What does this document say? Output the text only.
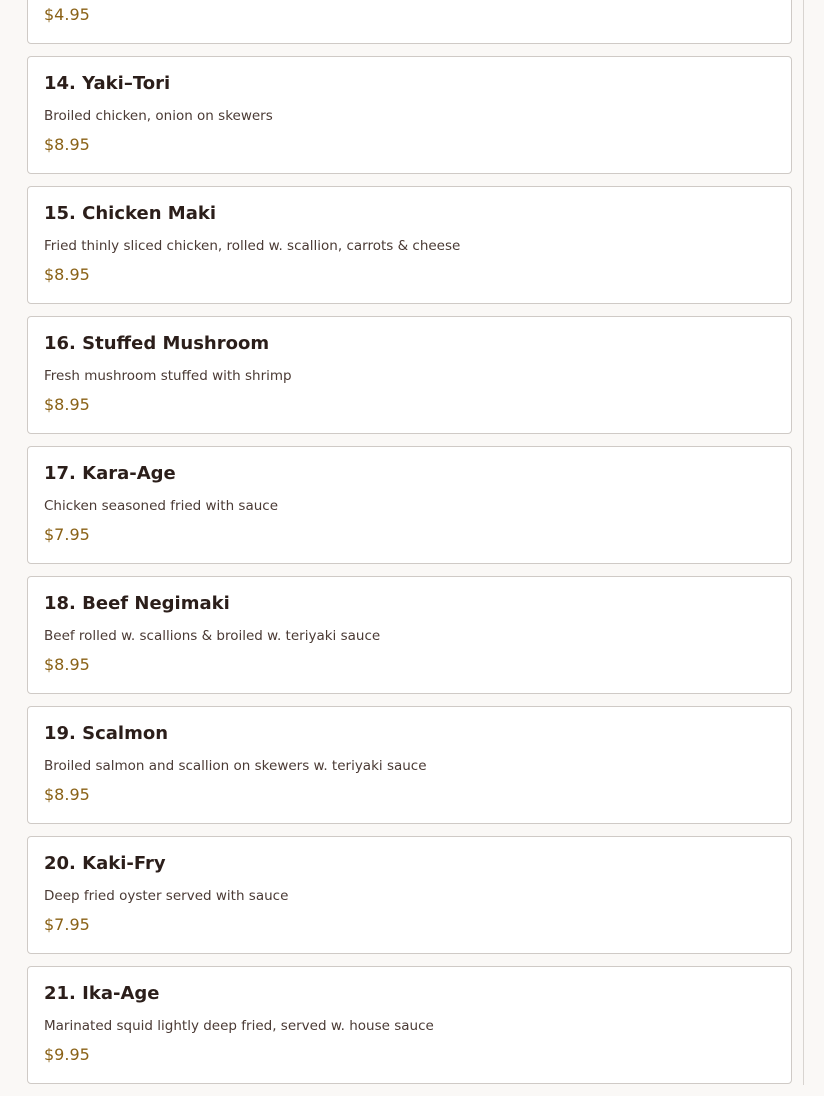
$4.95

14. Yaki–Tori

Broiled chicken, onion on skewers

$8.95

15. Chicken Maki

Fried thinly sliced chicken, rolled w. scallion, carrots & cheese

$8.95

16. Stuffed Mushroom

Fresh mushroom stuffed with shrimp

$8.95

17. Kara-Age

Chicken seasoned fried with sauce

$7.95

18. Beef Negimaki

Beef rolled w. scallions & broiled w. teriyaki sauce

$8.95

19. Scalmon

Broiled salmon and scallion on skewers w. teriyaki sauce

$8.95

20. Kaki-Fry

Deep fried oyster served with sauce

$7.95

21. Ika-Age

Marinated squid lightly deep fried, served w. house sauce

$9.95
